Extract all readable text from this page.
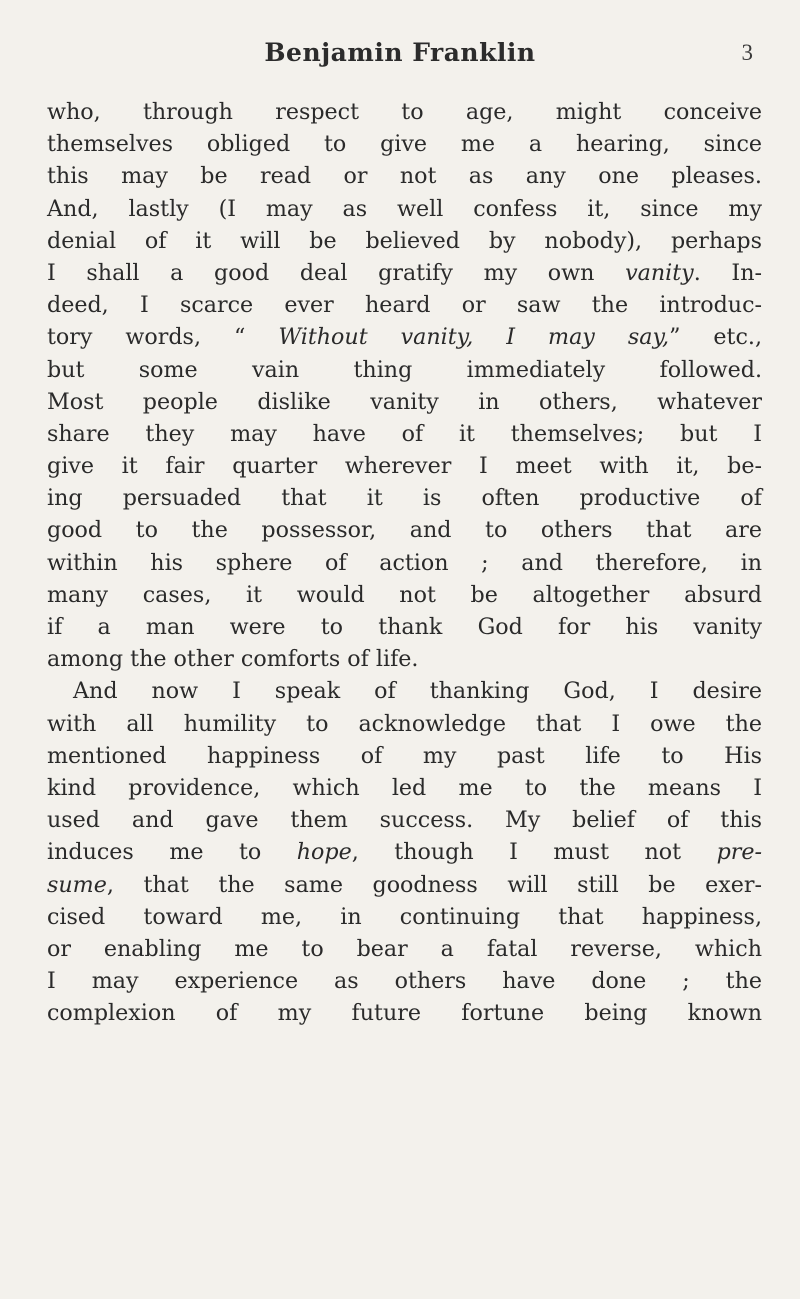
Benjamin Franklin	3
who, through respect to age, might conceive
themselves obliged to give me a hearing, since
this may be read or not as any one pleases.
And, lastly (I may as well confess it, since my
denial of it will be believed by nobody), perhaps
I shall a good deal gratify my own vanity. In-
deed, I scarce ever heard or saw the introduc-
tory words, “ Without vanity, I may say,” etc.,
but some vain thing immediately followed.
Most people dislike vanity in others, whatever
share they may have of it themselves; but I
give it fair quarter wherever I meet with it, be-
ing persuaded that it is often productive of
good to the possessor, and to others that are
within his sphere of action ; and therefore, in
many cases, it would not be altogether absurd
if a man were to thank God for his vanity
among the other comforts of life.
And now I speak of thanking God, I desire
with all humility to acknowledge that I owe the
mentioned happiness of my past life to His
kind providence, which led me to the means I
used and gave them success. My belief of this
induces me to hope, though I must not pre-
sume, that the same goodness will still be exer-
cised toward me, in continuing that happiness,
or enabling me to bear a fatal reverse, which
I may experience as others have done ; the
complexion of my future fortune being known
